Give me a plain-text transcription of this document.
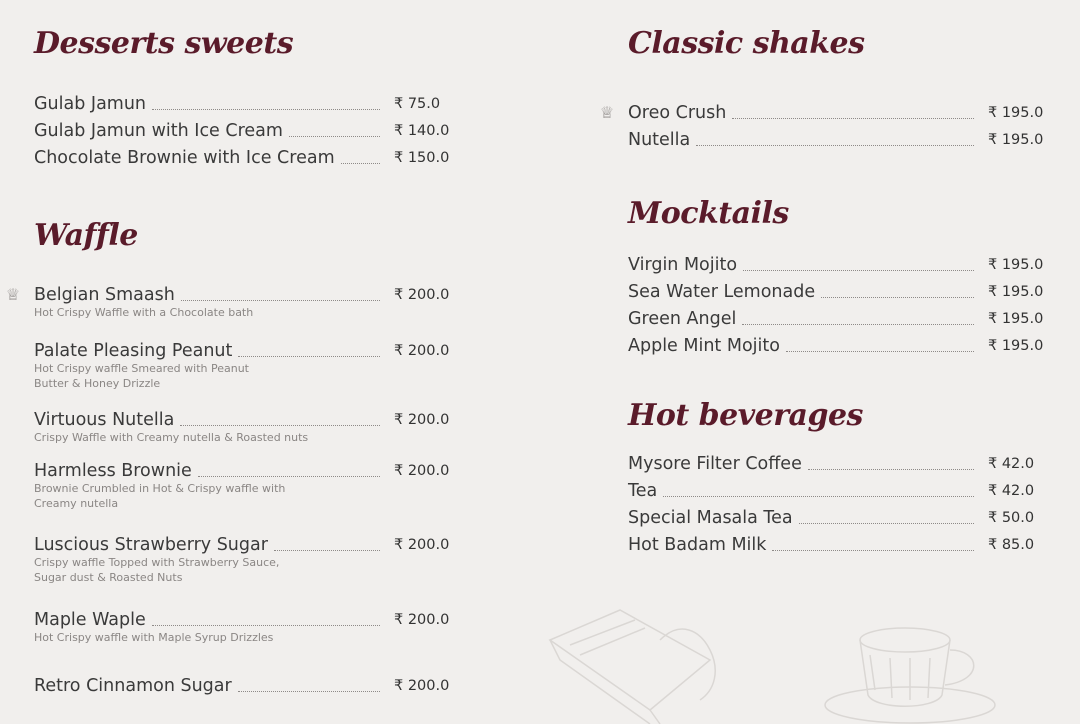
Desserts sweets
Gulab Jamun	₹ 75.0
Gulab Jamun with Ice Cream	₹ 140.0
Chocolate Brownie with Ice Cream	₹ 150.0
Waffle
♕ Belgian Smaash	₹ 200.0
Hot Crispy Waffle with a Chocolate bath
Palate Pleasing Peanut	₹ 200.0
Hot Crispy waffle Smeared with Peanut Butter & Honey Drizzle
Virtuous Nutella	₹ 200.0
Crispy Waffle with Creamy nutella & Roasted nuts
Harmless Brownie	₹ 200.0
Brownie Crumbled in Hot & Crispy waffle with Creamy nutella
Luscious Strawberry Sugar	₹ 200.0
Crispy waffle Topped with Strawberry Sauce, Sugar dust & Roasted Nuts
Maple Waple	₹ 200.0
Hot Crispy waffle with Maple Syrup Drizzles
Retro Cinnamon Sugar	₹ 200.0
Classic shakes
♕ Oreo Crush	₹ 195.0
Nutella	₹ 195.0
Mocktails
Virgin Mojito	₹ 195.0
Sea Water Lemonade	₹ 195.0
Green Angel	₹ 195.0
Apple Mint Mojito	₹ 195.0
Hot beverages
Mysore Filter Coffee	₹ 42.0
Tea	₹ 42.0
Special Masala Tea	₹ 50.0
Hot Badam Milk	₹ 85.0
